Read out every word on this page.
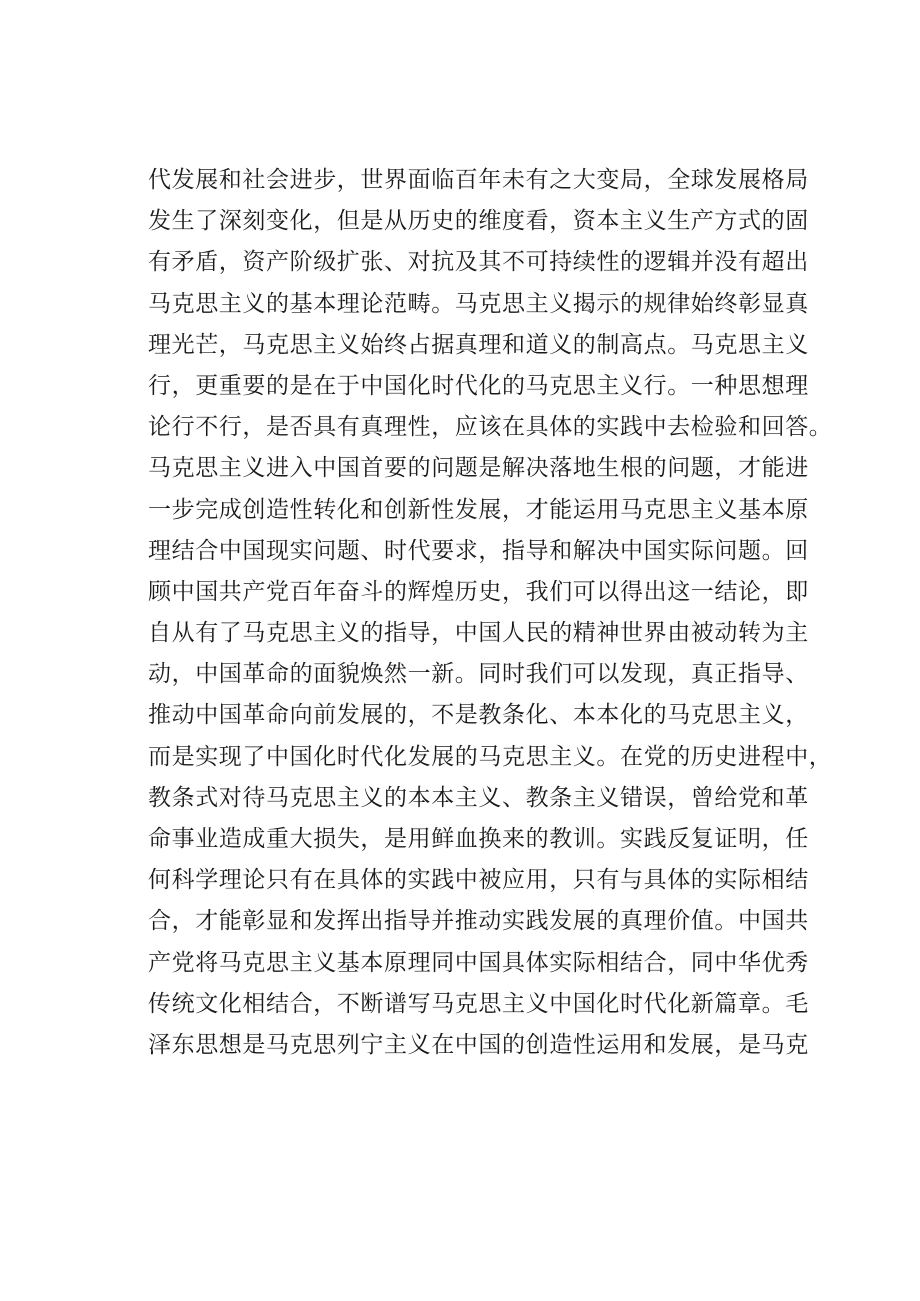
代发展和社会进步，世界面临百年未有之大变局，全球发展格局
发生了深刻变化，但是从历史的维度看，资本主义生产方式的固
有矛盾，资产阶级扩张、对抗及其不可持续性的逻辑并没有超出
马克思主义的基本理论范畴。马克思主义揭示的规律始终彰显真
理光芒，马克思主义始终占据真理和道义的制高点。马克思主义
行，更重要的是在于中国化时代化的马克思主义行。一种思想理
论行不行，是否具有真理性，应该在具体的实践中去检验和回答。
马克思主义进入中国首要的问题是解决落地生根的问题，才能进
一步完成创造性转化和创新性发展，才能运用马克思主义基本原
理结合中国现实问题、时代要求，指导和解决中国实际问题。回
顾中国共产党百年奋斗的辉煌历史，我们可以得出这一结论，即
自从有了马克思主义的指导，中国人民的精神世界由被动转为主
动，中国革命的面貌焕然一新。同时我们可以发现，真正指导、
推动中国革命向前发展的，不是教条化、本本化的马克思主义，
而是实现了中国化时代化发展的马克思主义。在党的历史进程中，
教条式对待马克思主义的本本主义、教条主义错误，曾给党和革
命事业造成重大损失，是用鲜血换来的教训。实践反复证明，任
何科学理论只有在具体的实践中被应用，只有与具体的实际相结
合，才能彰显和发挥出指导并推动实践发展的真理价值。中国共
产党将马克思主义基本原理同中国具体实际相结合，同中华优秀
传统文化相结合，不断谱写马克思主义中国化时代化新篇章。毛
泽东思想是马克思列宁主义在中国的创造性运用和发展，是马克
